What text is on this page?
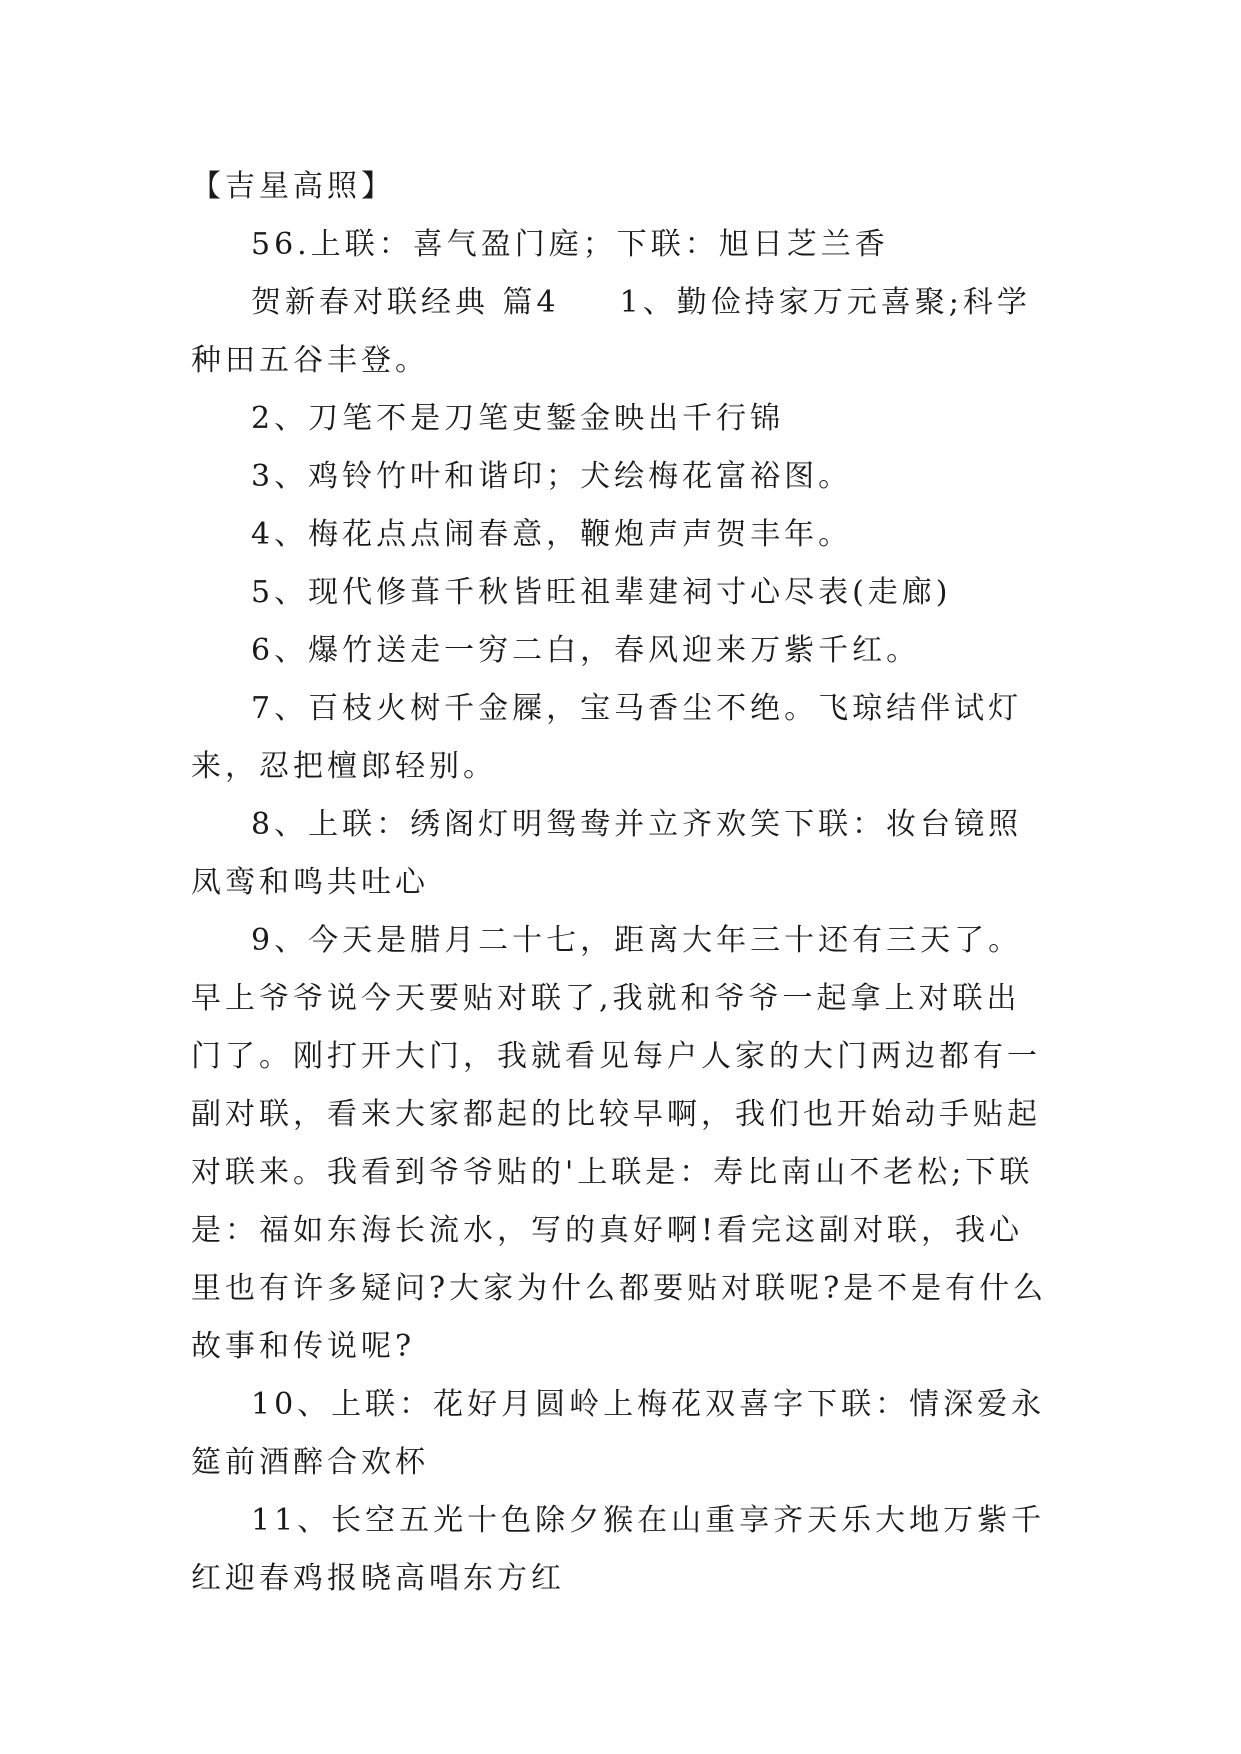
【吉星高照】

56.上联：喜气盈门庭；下联：旭日芝兰香

贺新春对联经典 篇4 1、勤俭持家万元喜聚;科学种田五谷丰登。

2、刀笔不是刀笔吏錾金映出千行锦

3、鸡铃竹叶和谐印；犬绘梅花富裕图。

4、梅花点点闹春意，鞭炮声声贺丰年。

5、现代修葺千秋皆旺祖辈建祠寸心尽表(走廊)

6、爆竹送走一穷二白，春风迎来万紫千红。

7、百枝火树千金屧，宝马香尘不绝。飞琼结伴试灯来，忍把檀郎轻别。

8、上联：绣阁灯明鸳鸯并立齐欢笑下联：妆台镜照凤鸾和鸣共吐心

9、今天是腊月二十七，距离大年三十还有三天了。早上爷爷说今天要贴对联了,我就和爷爷一起拿上对联出门了。刚打开大门，我就看见每户人家的大门两边都有一副对联，看来大家都起的比较早啊，我们也开始动手贴起对联来。我看到爷爷贴的'上联是：寿比南山不老松;下联是：福如东海长流水，写的真好啊!看完这副对联，我心里也有许多疑问?大家为什么都要贴对联呢?是不是有什么故事和传说呢?

10、上联：花好月圆岭上梅花双喜字下联：情深爱永筵前酒醉合欢杯

11、长空五光十色除夕猴在山重享齐天乐大地万紫千红迎春鸡报晓高唱东方红
